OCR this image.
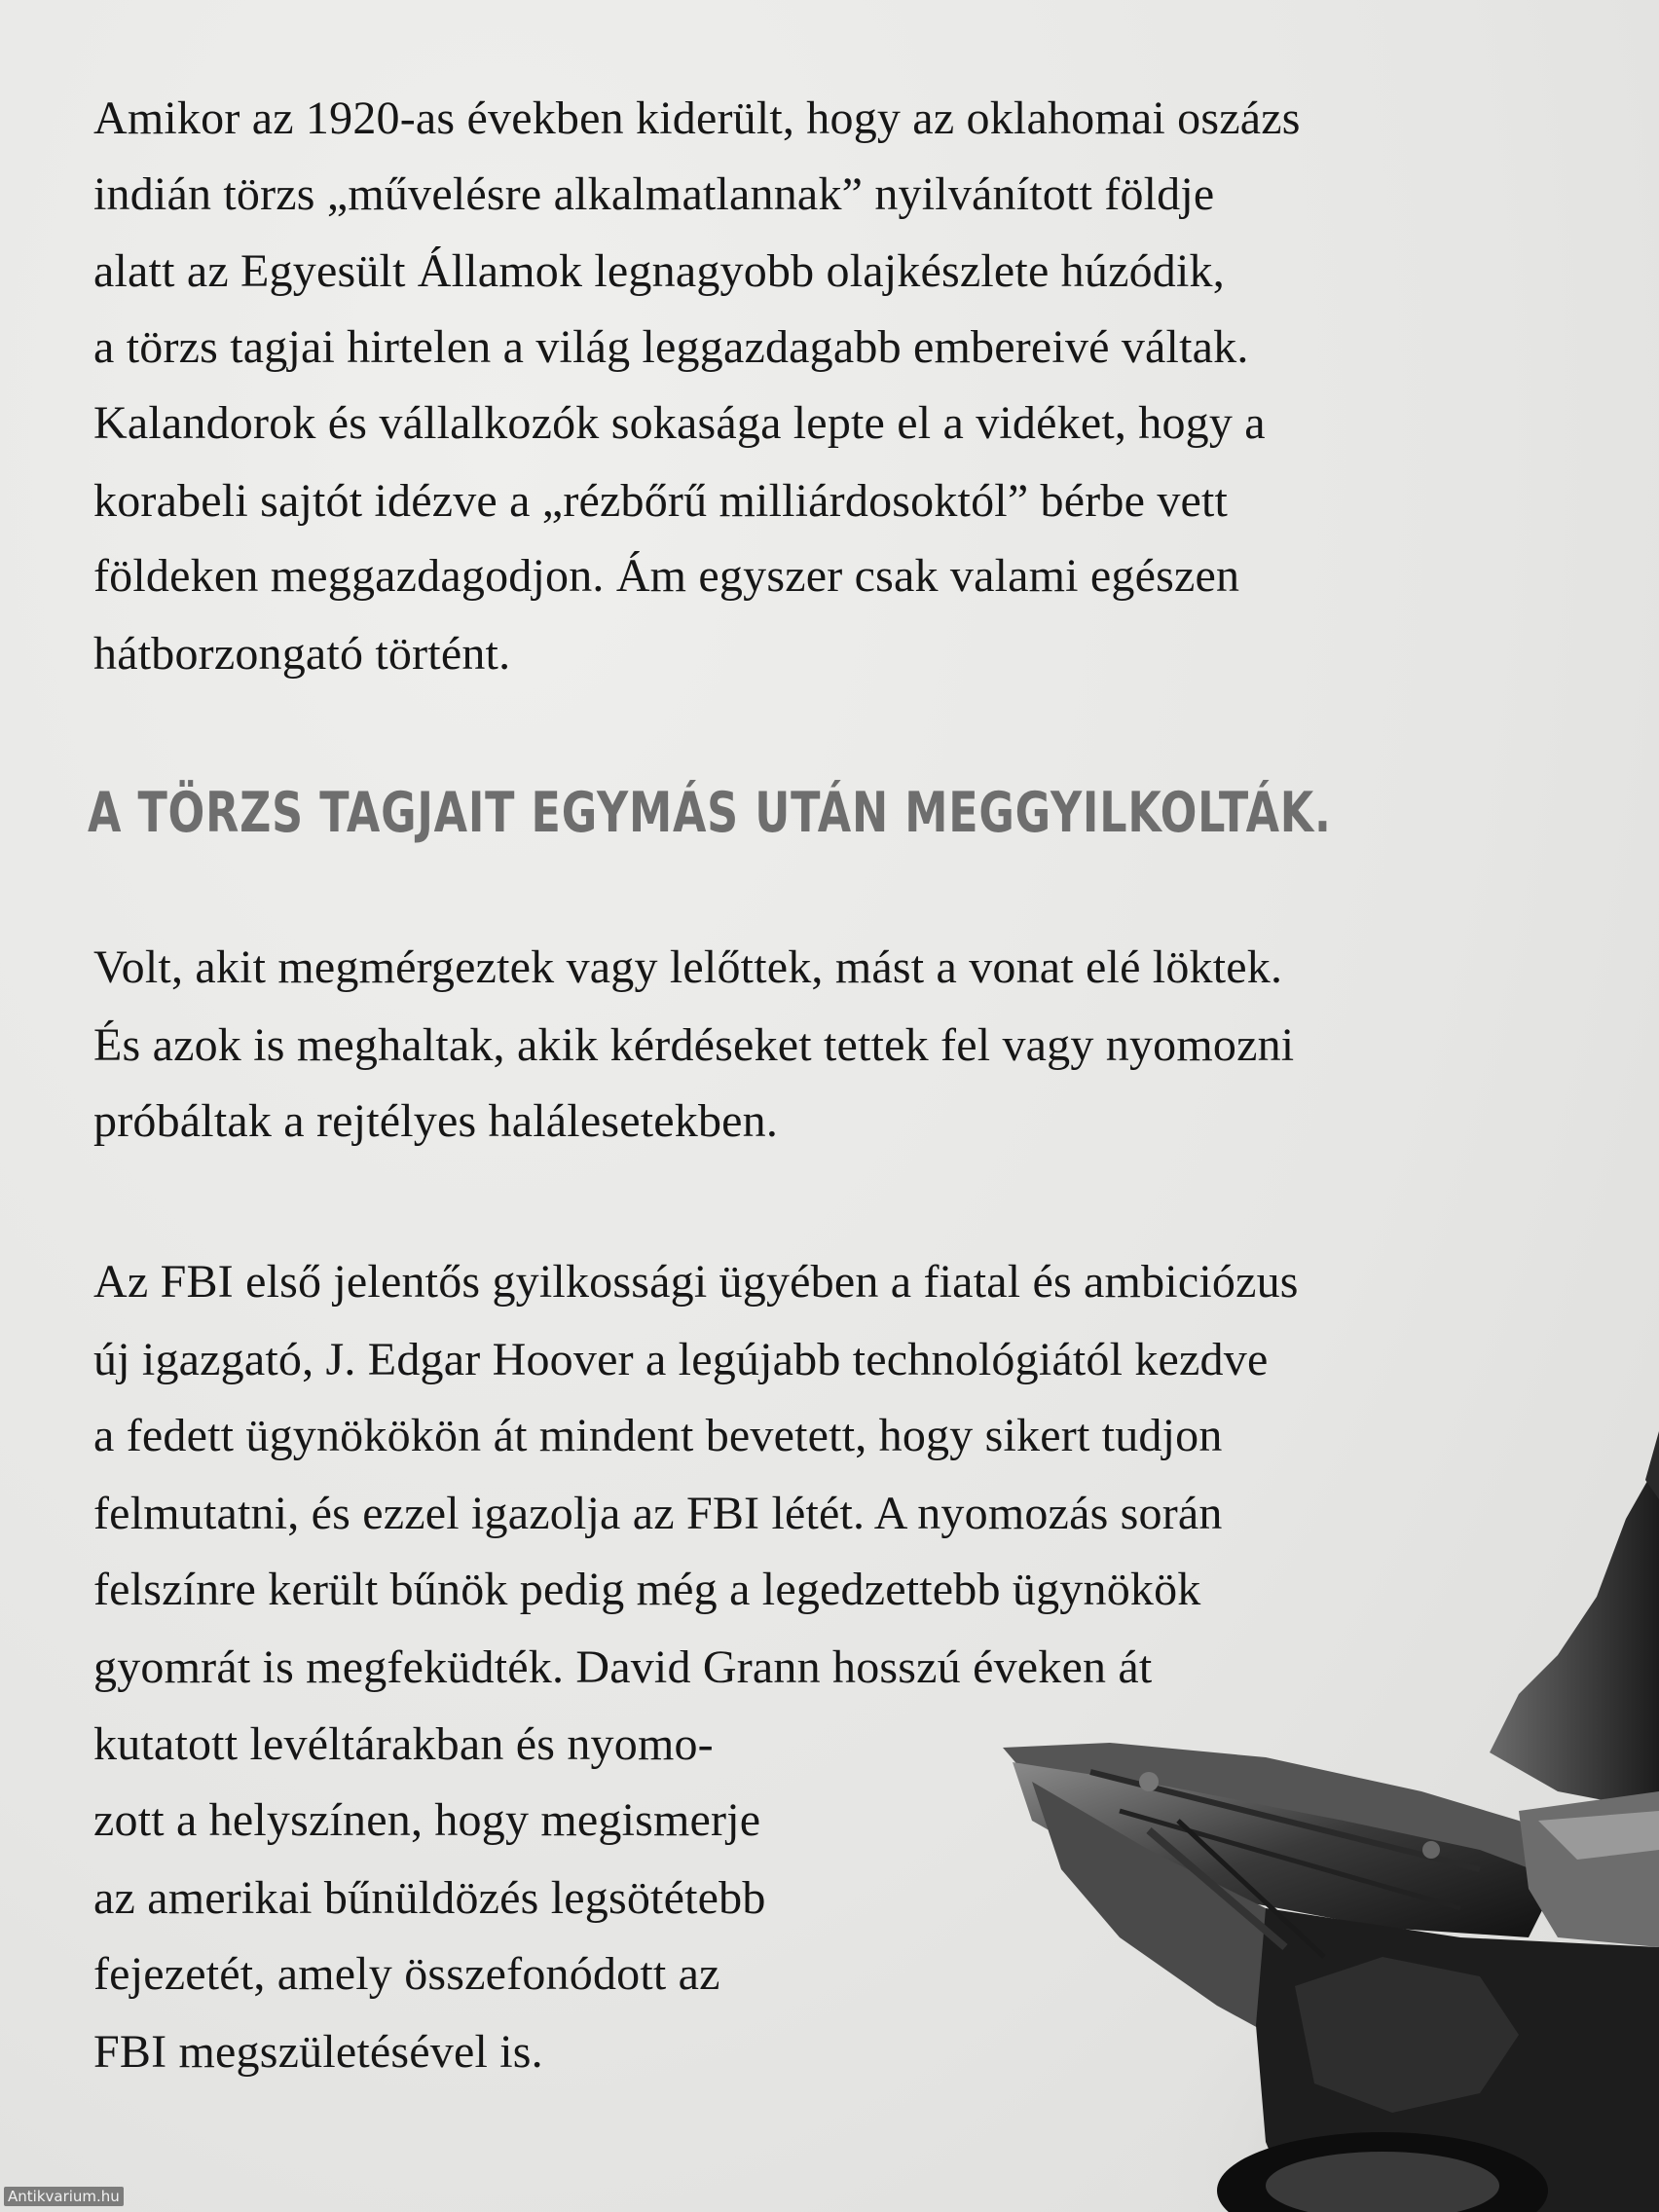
Amikor az 1920-as években kiderült, hogy az oklahomai oszázs
indián törzs „művelésre alkalmatlannak” nyilvánított földje
alatt az Egyesült Államok legnagyobb olajkészlete húzódik,
a törzs tagjai hirtelen a világ leggazdagabb embereivé váltak.
Kalandorok és vállalkozók sokasága lepte el a vidéket, hogy a
korabeli sajtót idézve a „rézbőrű milliárdosoktól” bérbe vett
földeken meggazdagodjon. Ám egyszer csak valami egészen
hátborzongató történt.
A TÖRZS TAGJAIT EGYMÁS UTÁN MEGGYILKOLTÁK.
Volt, akit megmérgeztek vagy lelőttek, mást a vonat elé löktek.
És azok is meghaltak, akik kérdéseket tettek fel vagy nyomozni
próbáltak a rejtélyes halálesetekben.
Az FBI első jelentős gyilkossági ügyében a fiatal és ambiciózus
új igazgató, J. Edgar Hoover a legújabb technológiától kezdve
a fedett ügynökökön át mindent bevetett, hogy sikert tudjon
felmutatni, és ezzel igazolja az FBI létét. A nyomozás során
felszínre került bűnök pedig még a legedzettebb ügynökök
gyomrát is megfeküdték. David Grann hosszú éveken át
kutatott levéltárakban és nyomo-
zott a helyszínen, hogy megismerje
az amerikai bűnüldözés legsötétebb
fejezetét, amely összefonódott az
FBI megszületésével is.
Antikvarium.hu
